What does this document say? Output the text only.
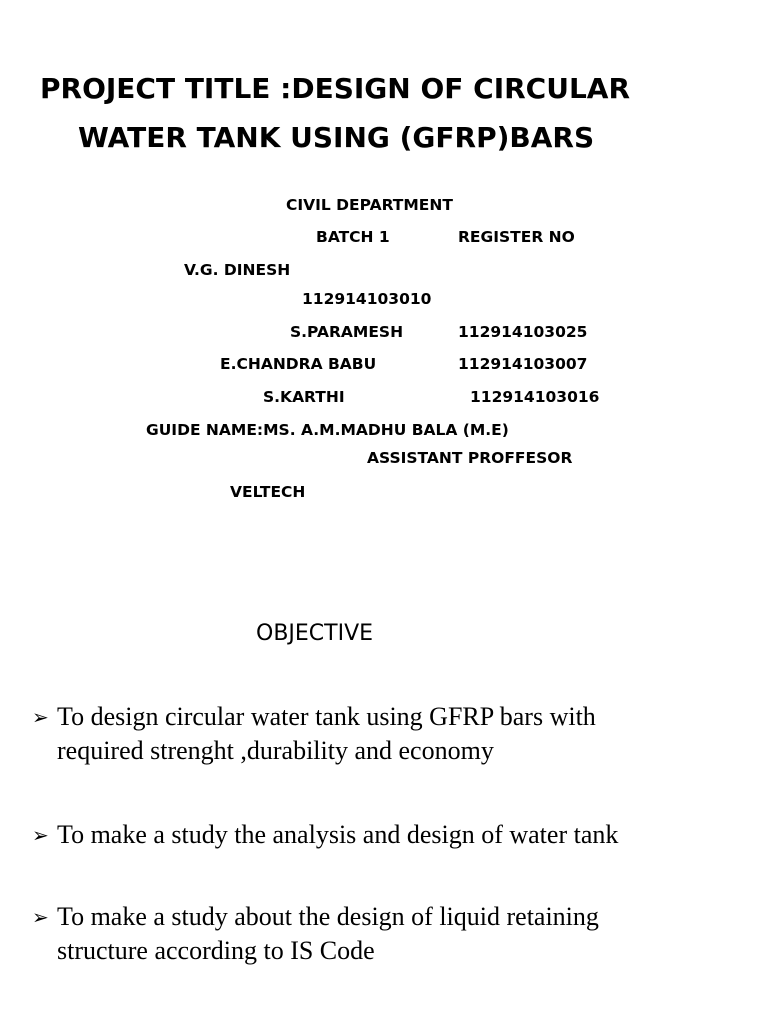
PROJECT TITLE :DESIGN OF CIRCULAR
WATER TANK USING (GFRP)BARS
CIVIL DEPARTMENT
BATCH 1	REGISTER NO
V.G. DINESH
112914103010
S.PARAMESH	112914103025
E.CHANDRA BABU	112914103007
S.KARTHI	112914103016
GUIDE NAME:MS. A.M.MADHU BALA (M.E)
ASSISTANT PROFFESOR
VELTECH
OBJECTIVE
➢ To design circular water tank using GFRP bars with
required strenght ,durability and economy
➢ To make a study the analysis and design of water tank
➢ To make a study about the design of liquid retaining
structure according to IS Code
